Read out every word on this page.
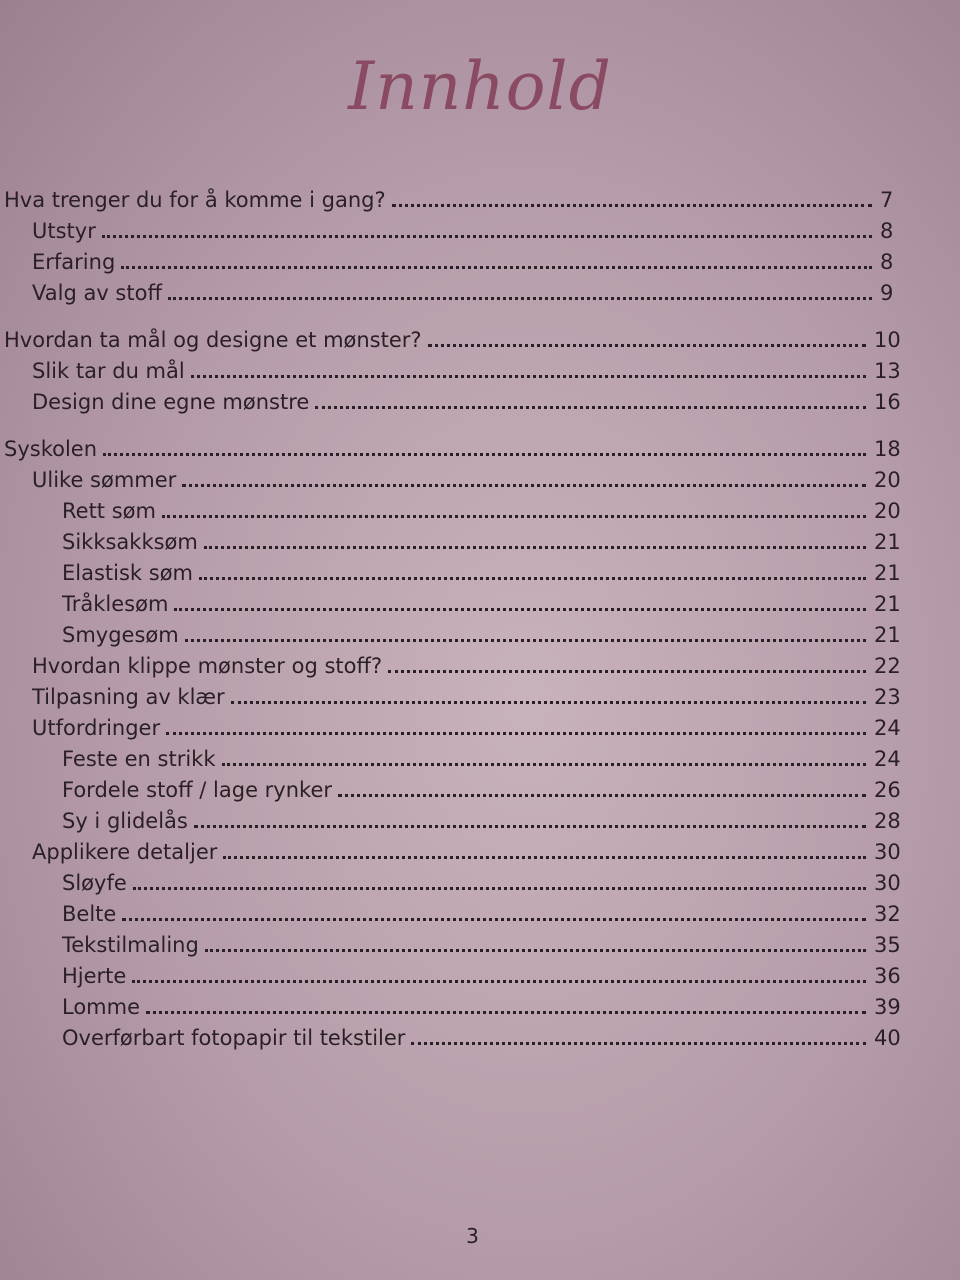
Innhold
Hva trenger du for å komme i gang?	7
Utstyr	8
Erfaring	8
Valg av stoff	9
Hvordan ta mål og designe et mønster?	10
Slik tar du mål	13
Design dine egne mønstre	16
Syskolen	18
Ulike sømmer	20
Rett søm	20
Sikksakksøm	21
Elastisk søm	21
Tråklesøm	21
Smygesøm	21
Hvordan klippe mønster og stoff?	22
Tilpasning av klær	23
Utfordringer	24
Feste en strikk	24
Fordele stoff / lage rynker	26
Sy i glidelås	28
Applikere detaljer	30
Sløyfe	30
Belte	32
Tekstilmaling	35
Hjerte	36
Lomme	39
Overførbart fotopapir til tekstiler	40
3
